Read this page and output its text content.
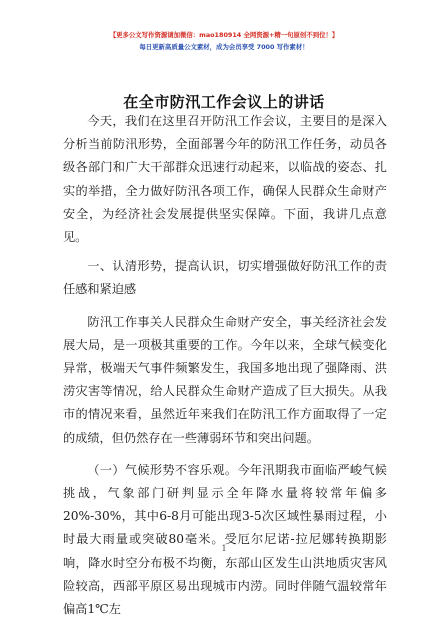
【更多公文写作资源请加微信：mao180914 全网资源+精一句原创不到位！】
每日更新高质量公文素材，成为会员享受 7000 写作素材！
在全市防汛工作会议上的讲话

今天，我们在这里召开防汛工作会议，主要目的是深入分析当前防汛形势，全面部署今年的防汛工作任务，动员各级各部门和广大干部群众迅速行动起来，以临战的姿态、扎实的举措，全力做好防汛各项工作，确保人民群众生命财产安全，为经济社会发展提供坚实保障。下面，我讲几点意见。

一、认清形势，提高认识，切实增强做好防汛工作的责任感和紧迫感

防汛工作事关人民群众生命财产安全，事关经济社会发展大局，是一项极其重要的工作。今年以来，全球气候变化异常，极端天气事件频繁发生，我国多地出现了强降雨、洪涝灾害等情况，给人民群众生命财产造成了巨大损失。从我市的情况来看，虽然近年来我们在防汛工作方面取得了一定的成绩，但仍然存在一些薄弱环节和突出问题。

（一）气候形势不容乐观。今年汛期我市面临严峻气候挑战，气象部门研判显示全年降水量将较常年偏多20%-30%，其中6-8月可能出现3-5次区域性暴雨过程，小时最大雨量或突破80毫米。受厄尔尼诺-拉尼娜转换期影响，降水时空分布极不均衡，东部山区发生山洪地质灾害风险较高，西部平原区易出现城市内涝。同时伴随气温较常年偏高1℃左

1
